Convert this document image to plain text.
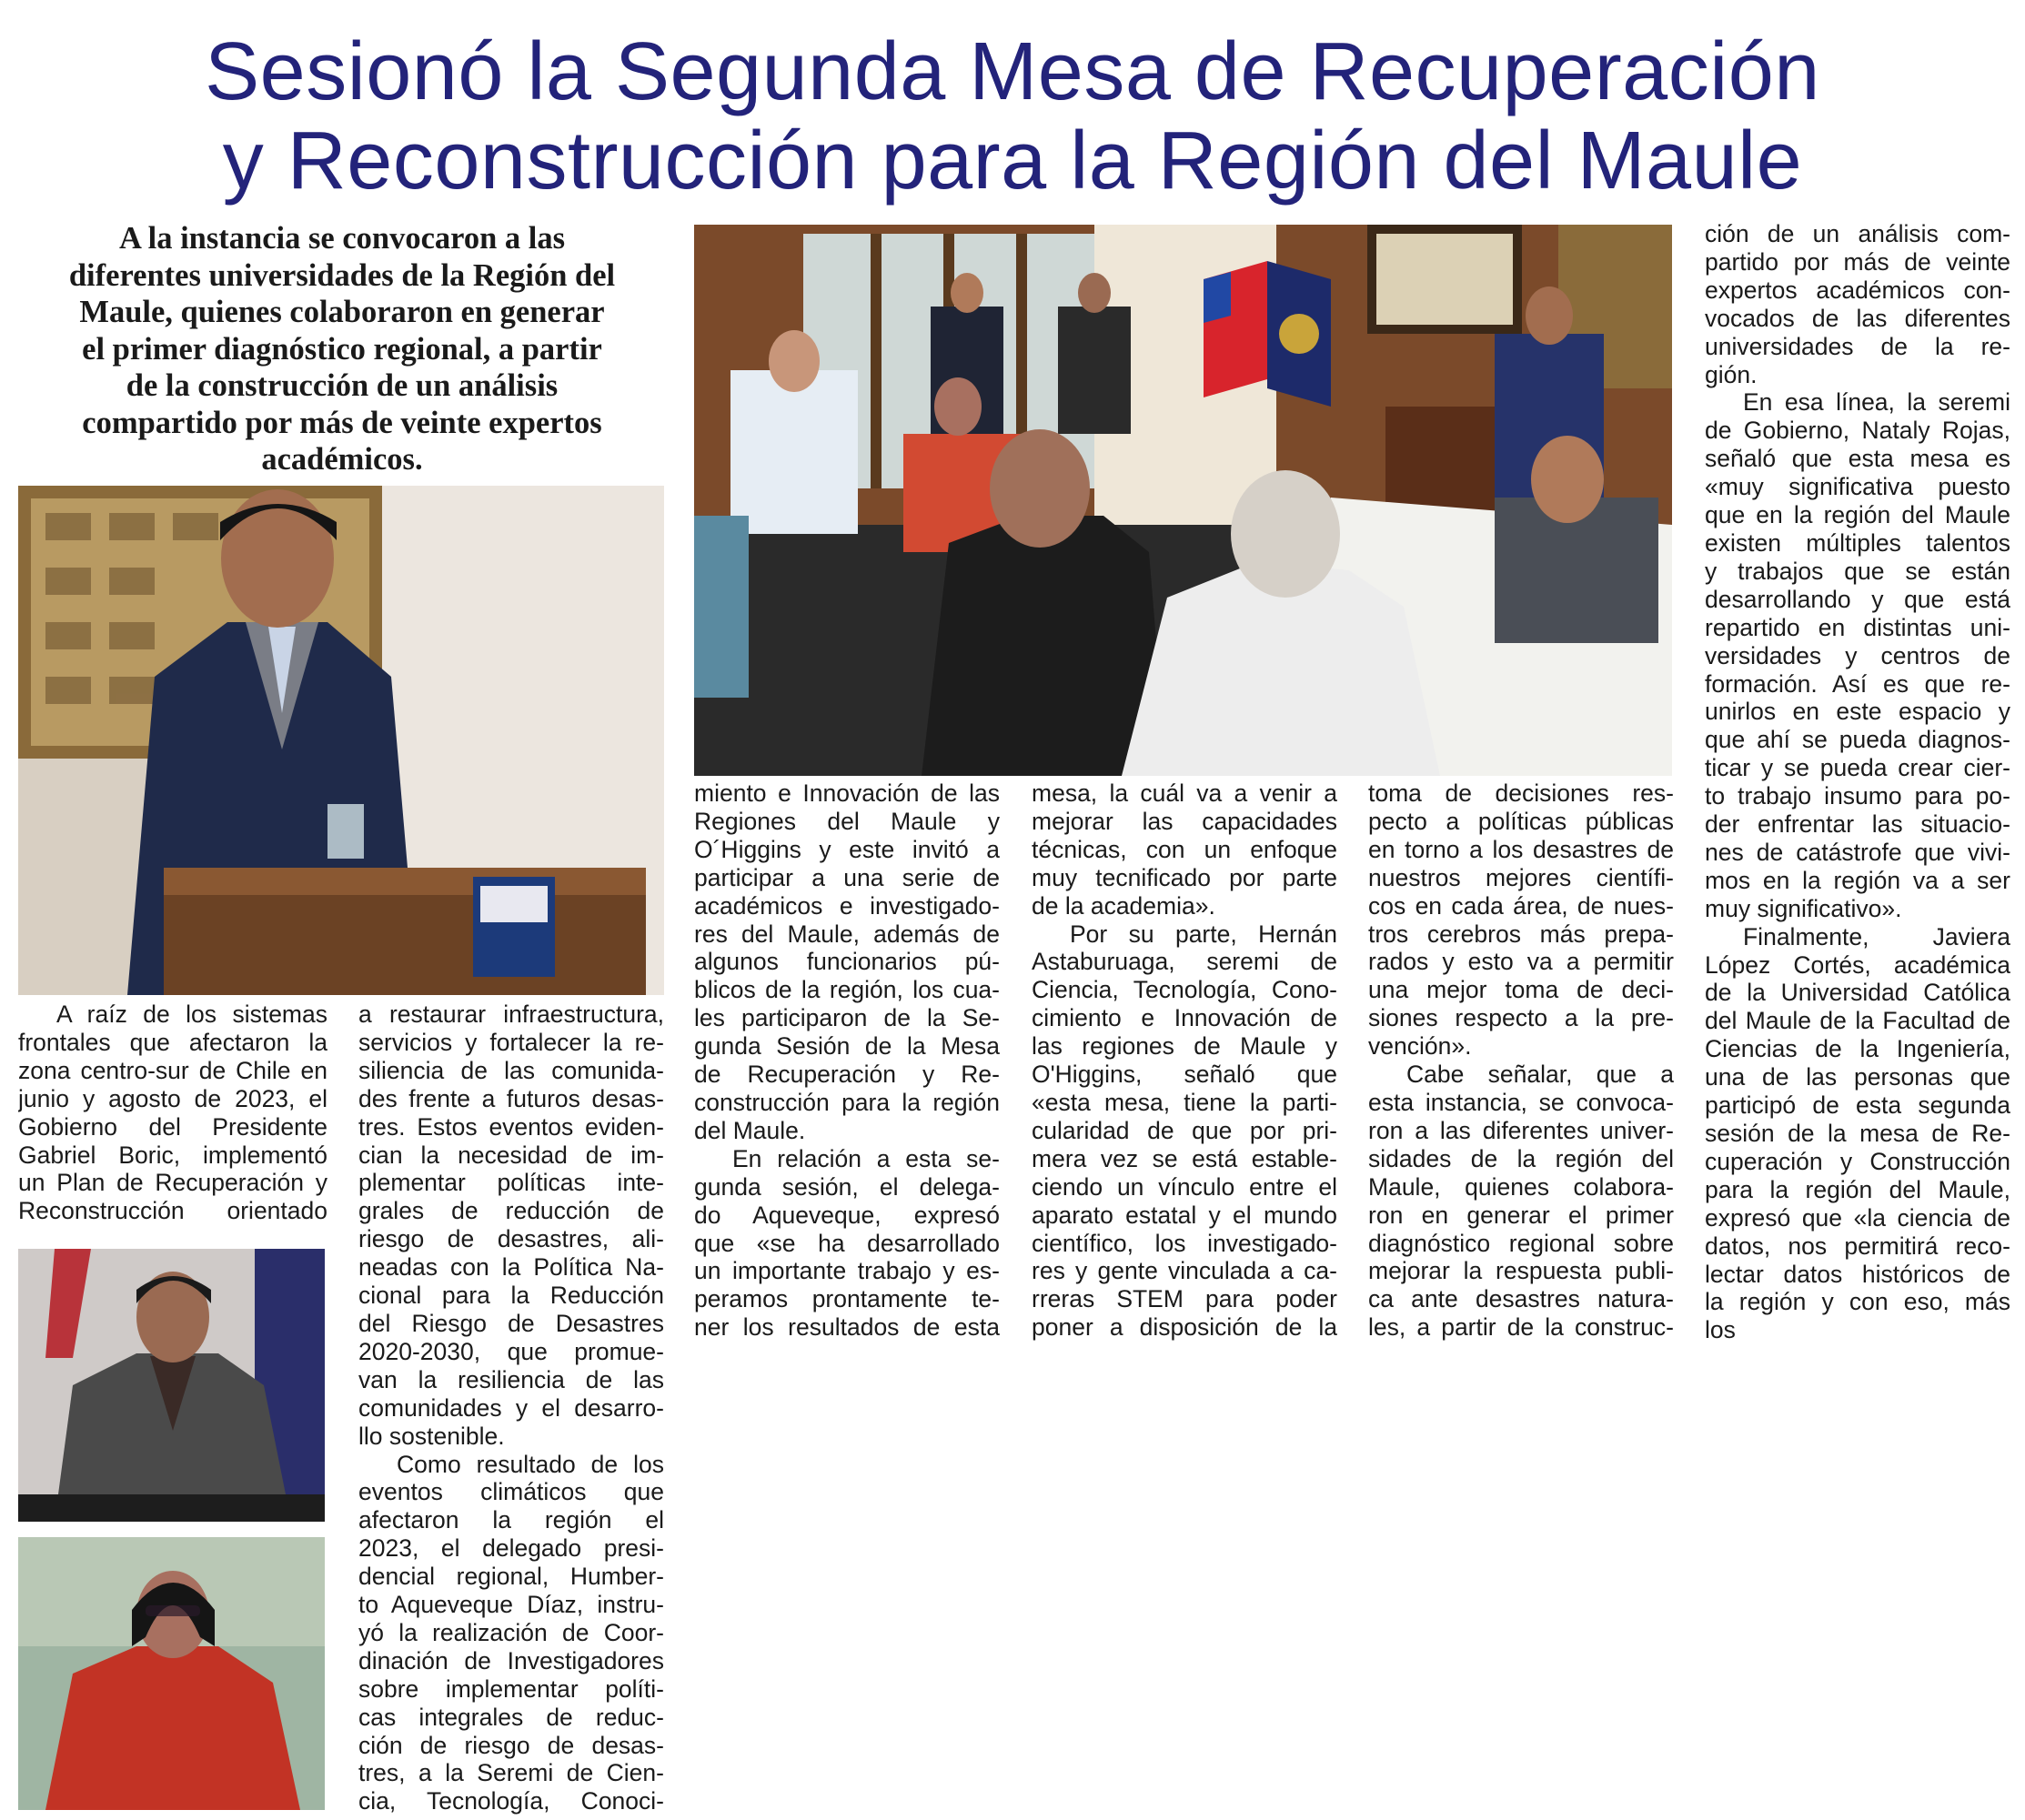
Sesionó la Segunda Mesa de Recuperación
y Reconstrucción para la Región del Maule
A la instancia se convocaron a las
diferentes universidades de la Región del
Maule, quienes colaboraron en generar
el primer diagnóstico regional, a partir
de la construcción de un análisis
compartido por más de veinte expertos
académicos.
A raíz de los sistemas
frontales que afectaron la
zona centro-sur de Chile en
junio y agosto de 2023, el
Gobierno del Presidente
Gabriel Boric, implementó
un Plan de Recuperación y
Reconstrucción orientado
a restaurar infraestructura,
servicios y fortalecer la re-
siliencia de las comunida-
des frente a futuros desas-
tres. Estos eventos eviden-
cian la necesidad de im-
plementar políticas inte-
grales de reducción de
riesgo de desastres, ali-
neadas con la Política Na-
cional para la Reducción
del Riesgo de Desastres
2020-2030, que promue-
van la resiliencia de las
comunidades y el desarro-
llo sostenible.
Como resultado de los
eventos climáticos que
afectaron la región el
2023, el delegado presi-
dencial regional, Humber-
to Aqueveque Díaz, instru-
yó la realización de Coor-
dinación de Investigadores
sobre implementar políti-
cas integrales de reduc-
ción de riesgo de desas-
tres, a la Seremi de Cien-
cia, Tecnología, Conoci-
miento e Innovación de las
Regiones del Maule y
O´Higgins y este invitó a
participar a una serie de
académicos e investigado-
res del Maule, además de
algunos funcionarios pú-
blicos de la región, los cua-
les participaron de la Se-
gunda Sesión de la Mesa
de Recuperación y Re-
construcción para la región
del Maule.
En relación a esta se-
gunda sesión, el delega-
do Aqueveque, expresó
que «se ha desarrollado
un importante trabajo y es-
peramos prontamente te-
ner los resultados de esta
mesa, la cuál va a venir a
mejorar las capacidades
técnicas, con un enfoque
muy tecnificado por parte
de la academia».
Por su parte, Hernán
Astaburuaga, seremi de
Ciencia, Tecnología, Cono-
cimiento e Innovación de
las regiones de Maule y
O'Higgins, señaló que
«esta mesa, tiene la parti-
cularidad de que por pri-
mera vez se está estable-
ciendo un vínculo entre el
aparato estatal y el mundo
científico, los investigado-
res y gente vinculada a ca-
rreras STEM para poder
poner a disposición de la
toma de decisiones res-
pecto a políticas públicas
en torno a los desastres de
nuestros mejores científi-
cos en cada área, de nues-
tros cerebros más prepa-
rados y esto va a permitir
una mejor toma de deci-
siones respecto a la pre-
vención».
Cabe señalar, que a
esta instancia, se convoca-
ron a las diferentes univer-
sidades de la región del
Maule, quienes colabora-
ron en generar el primer
diagnóstico regional sobre
mejorar la respuesta publi-
ca ante desastres natura-
les, a partir de la construc-
ción de un análisis com-
partido por más de veinte
expertos académicos con-
vocados de las diferentes
universidades de la re-
gión.
En esa línea, la seremi
de Gobierno, Nataly Rojas,
señaló que esta mesa es
«muy significativa puesto
que en la región del Maule
existen múltiples talentos
y trabajos que se están
desarrollando y que está
repartido en distintas uni-
versidades y centros de
formación. Así es que re-
unirlos en este espacio y
que ahí se pueda diagnos-
ticar y se pueda crear cier-
to trabajo insumo para po-
der enfrentar las situacio-
nes de catástrofe que vivi-
mos en la región va a ser
muy significativo».
Finalmente, Javiera
López Cortés, académica
de la Universidad Católica
del Maule de la Facultad de
Ciencias de la Ingeniería,
una de las personas que
participó de esta segunda
sesión de la mesa de Re-
cuperación y Construcción
para la región del Maule,
expresó que «la ciencia de
datos, nos permitirá reco-
lectar datos históricos de
la región y con eso, más
los
